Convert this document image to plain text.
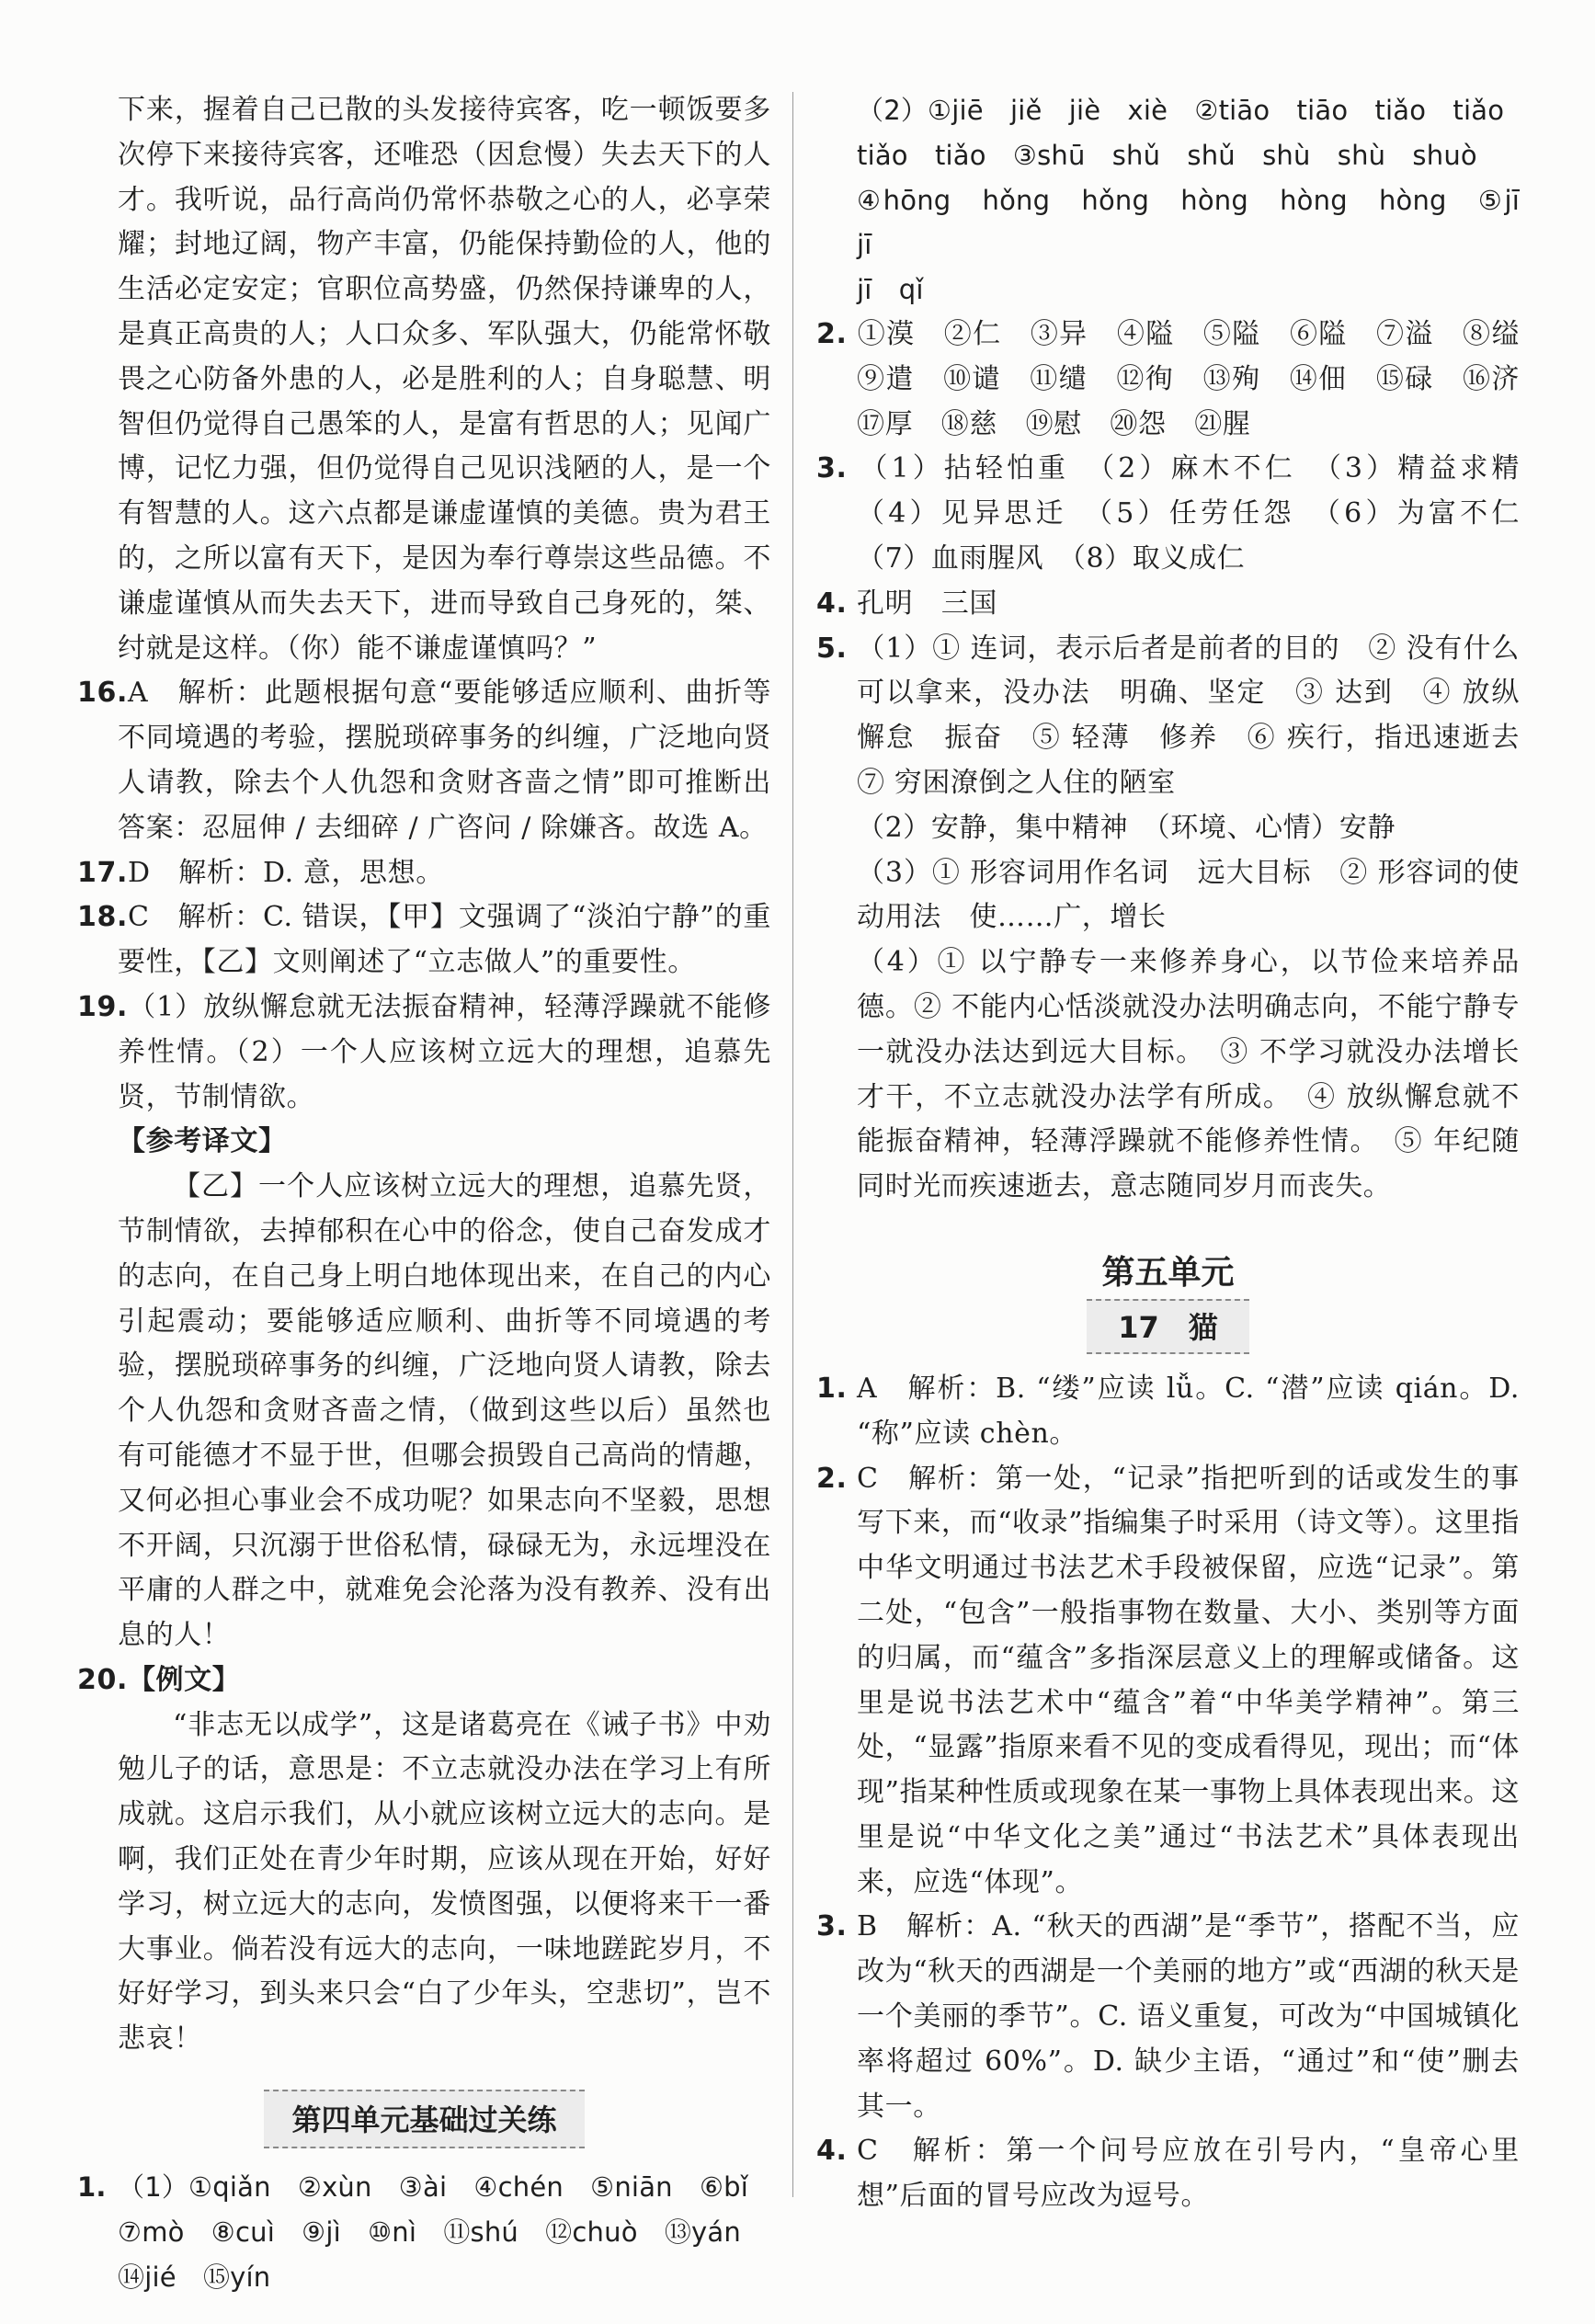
下来，握着自己已散的头发接待宾客，吃一顿饭要多次停下来接待宾客，还唯恐（因怠慢）失去天下的人才。我听说，品行高尚仍常怀恭敬之心的人，必享荣耀；封地辽阔，物产丰富，仍能保持勤俭的人，他的生活必定安定；官职位高势盛，仍然保持谦卑的人，是真正高贵的人；人口众多、军队强大，仍能常怀敬畏之心防备外患的人，必是胜利的人；自身聪慧、明智但仍觉得自己愚笨的人，是富有哲思的人；见闻广博，记忆力强，但仍觉得自己见识浅陋的人，是一个有智慧的人。这六点都是谦虚谨慎的美德。贵为君王的，之所以富有天下，是因为奉行尊崇这些品德。不谦虚谨慎从而失去天下，进而导致自己身死的，桀、纣就是这样。（你）能不谦虚谨慎吗？”

16.A　解析：此题根据句意“要能够适应顺利、曲折等不同境遇的考验，摆脱琐碎事务的纠缠，广泛地向贤人请教，除去个人仇怨和贪财吝啬之情”即可推断出答案：忍屈伸 / 去细碎 / 广咨问 / 除嫌吝。故选 A。

17.D　解析：D. 意，思想。

18.C　解析：C. 错误，【甲】文强调了“淡泊宁静”的重要性，【乙】文则阐述了“立志做人”的重要性。

19.（1）放纵懈怠就无法振奋精神，轻薄浮躁就不能修养性情。（2）一个人应该树立远大的理想，追慕先贤，节制情欲。

【参考译文】

【乙】一个人应该树立远大的理想，追慕先贤，节制情欲，去掉郁积在心中的俗念，使自己奋发成才的志向，在自己身上明白地体现出来，在自己的内心引起震动；要能够适应顺利、曲折等不同境遇的考验，摆脱琐碎事务的纠缠，广泛地向贤人请教，除去个人仇怨和贪财吝啬之情，（做到这些以后）虽然也有可能德才不显于世，但哪会损毁自己高尚的情趣，又何必担心事业会不成功呢？如果志向不坚毅，思想不开阔，只沉溺于世俗私情，碌碌无为，永远埋没在平庸的人群之中，就难免会沦落为没有教养、没有出息的人！

20.【例文】

“非志无以成学”，这是诸葛亮在《诫子书》中劝勉儿子的话，意思是：不立志就没办法在学习上有所成就。这启示我们，从小就应该树立远大的志向。是啊，我们正处在青少年时期，应该从现在开始，好好学习，树立远大的志向，发愤图强，以便将来干一番大事业。倘若没有远大的志向，一味地蹉跎岁月，不好好学习，到头来只会“白了少年头，空悲切”，岂不悲哀！

第四单元基础过关练

1. （1）①qiǎn　②xùn　③ài　④chén　⑤niān　⑥bǐ

⑦mò　⑧cuì　⑨jì　⑩nì　⑪shú　⑫chuò　⑬yán

⑭jié　⑮yín

（2）①jiē　jiě　jiè　xiè　②tiāo　tiāo　tiǎo　tiǎo

tiǎo　tiǎo　③shū　shǔ　shǔ　shù　shù　shuò

④hōng　hǒng　hǒng　hòng　hòng　hòng　⑤jī　jī

jī　qǐ

2. ①漠　②仁　③异　④隘　⑤隘　⑥隘　⑦溢　⑧缢　⑨遣　⑩谴　⑪缱　⑫徇　⑬殉　⑭佃　⑮碌　⑯济　⑰厚　⑱慈　⑲慰　⑳怨　㉑腥

3. （1）拈轻怕重　（2）麻木不仁　（3）精益求精　（4）见异思迁　（5）任劳任怨　（6）为富不仁　（7）血雨腥风　（8）取义成仁

4. 孔明　三国

5. （1）① 连词，表示后者是前者的目的　② 没有什么可以拿来，没办法　明确、坚定　③ 达到　④ 放纵　懈怠　振奋　⑤ 轻薄　修养　⑥ 疾行，指迅速逝去　⑦ 穷困潦倒之人住的陋室

（2）安静，集中精神　（环境、心情）安静

（3）① 形容词用作名词　远大目标　② 形容词的使动用法　使……广，增长

（4）① 以宁静专一来修养身心，以节俭来培养品德。② 不能内心恬淡就没办法明确志向，不能宁静专一就没办法达到远大目标。　③ 不学习就没办法增长才干，不立志就没办法学有所成。　④ 放纵懈怠就不能振奋精神，轻薄浮躁就不能修养性情。　⑤ 年纪随同时光而疾速逝去，意志随同岁月而丧失。

第五单元
17　猫

1. A　解析：B. “缕”应读 lǚ。C. “潜”应读 qián。D. “称”应读 chèn。

2. C　解析：第一处，“记录”指把听到的话或发生的事写下来，而“收录”指编集子时采用（诗文等）。这里指中华文明通过书法艺术手段被保留，应选“记录”。第二处，“包含”一般指事物在数量、大小、类别等方面的归属，而“蕴含”多指深层意义上的理解或储备。这里是说书法艺术中“蕴含”着“中华美学精神”。第三处，“显露”指原来看不见的变成看得见，现出；而“体现”指某种性质或现象在某一事物上具体表现出来。这里是说“中华文化之美”通过“书法艺术”具体表现出来，应选“体现”。

3. B　解析：A. “秋天的西湖”是“季节”，搭配不当，应改为“秋天的西湖是一个美丽的地方”或“西湖的秋天是一个美丽的季节”。C. 语义重复，可改为“中国城镇化率将超过 60%”。D. 缺少主语，“通过”和“使”删去其一。

4. C　解析：第一个问号应放在引号内，“皇帝心里想”后面的冒号应改为逗号。
